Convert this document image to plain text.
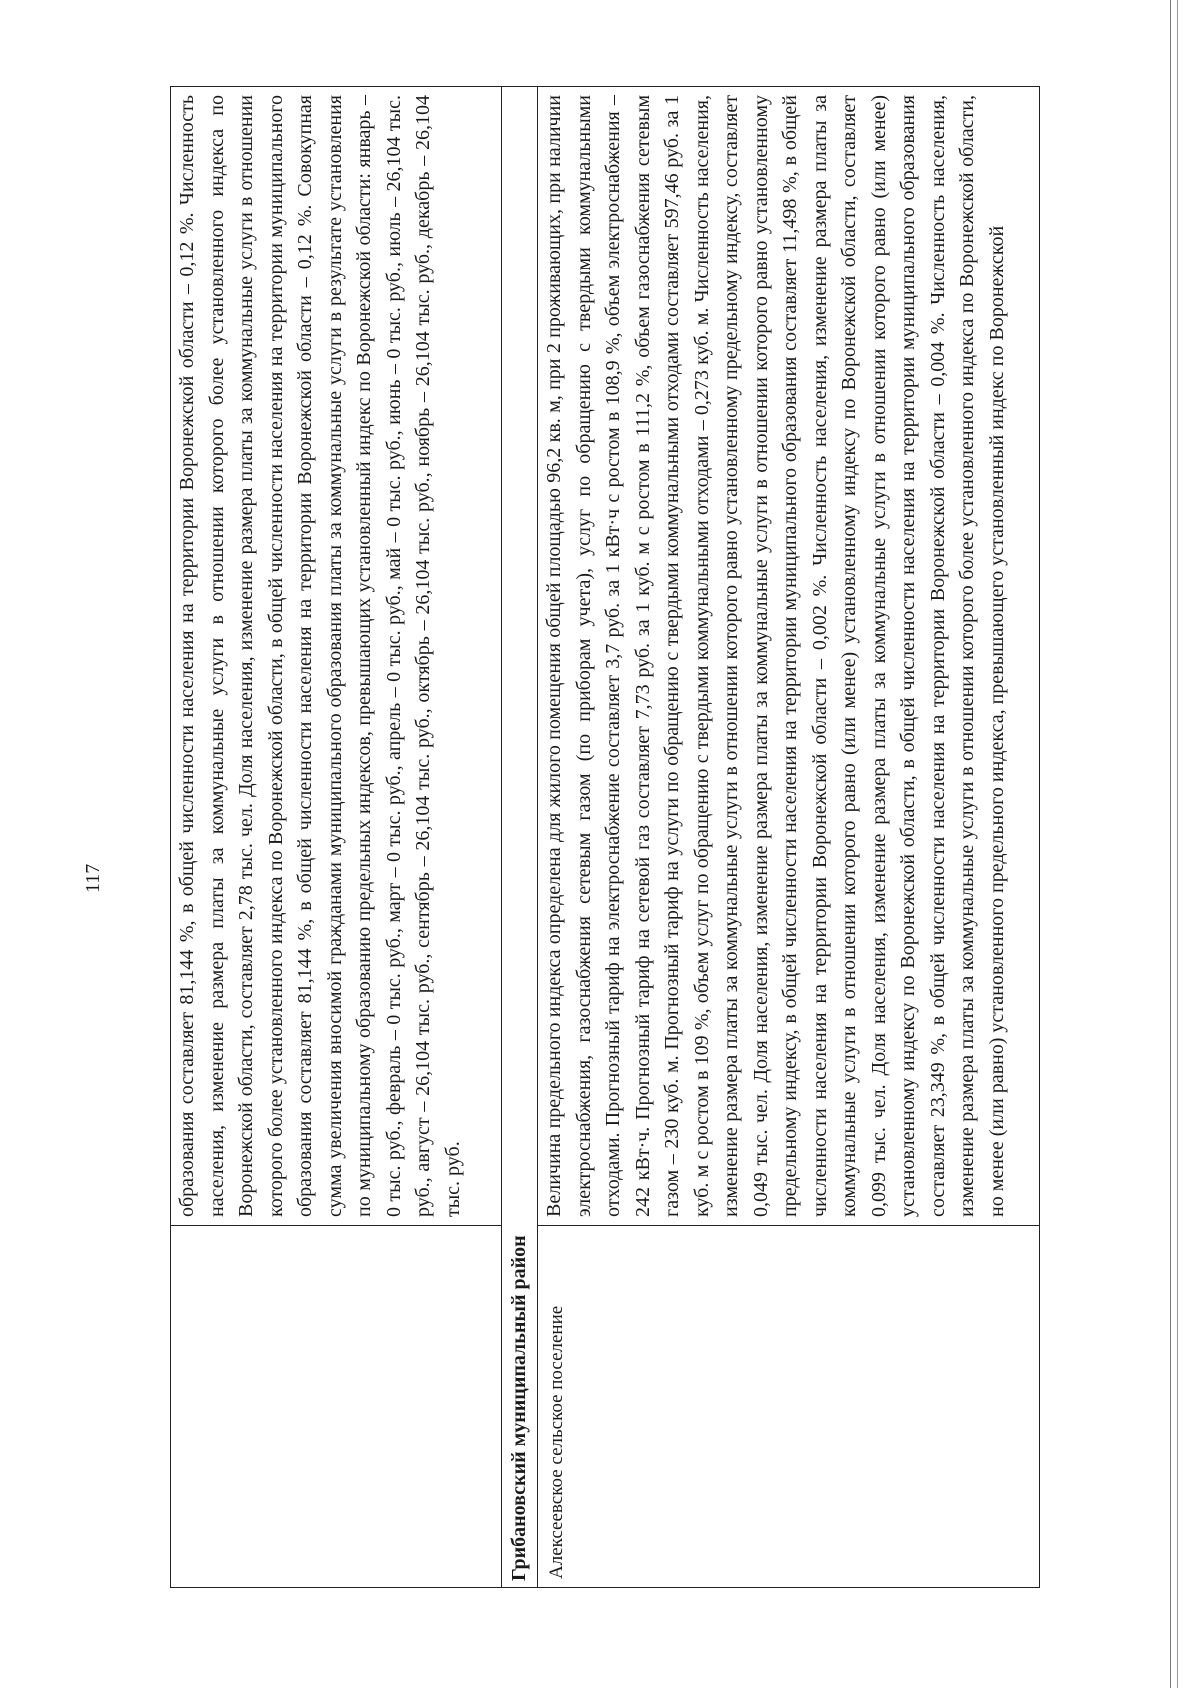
117	образования составляет 81,144 %, в общей численности населения на территории Воронежской области – 0,12 %. Численность населения, изменение размера платы за коммунальные услуги в отношении которого более установленного индекса по Воронежской области, составляет 2,78 тыс. чел. Доля населения, изменение размера платы за коммунальные услуги в отношении которого более установленного индекса по Воронежской области, в общей численности населения на территории муниципального образования составляет 81,144 %, в общей численности населения на территории Воронежской области – 0,12 %. Совокупная сумма увеличения вносимой гражданами муниципального образования платы за коммунальные услуги в результате установления по муниципальному образованию предельных индексов, превышающих установленный индекс по Воронежской области: январь – 0 тыс. руб., февраль – 0 тыс. руб., март – 0 тыс. руб., апрель – 0 тыс. руб., май – 0 тыс. руб., июнь – 0 тыс. руб., июль – 26,104 тыс. руб., август – 26,104 тыс. руб., сентябрь – 26,104 тыс. руб., октябрь – 26,104 тыс. руб., ноябрь – 26,104 тыс. руб., декабрь – 26,104 тыс. руб.
Грибановский муниципальный район Алексеевское сельское поселение
Величина предельного индекса определена для жилого помещения общей площадью 96,2 кв. м, при 2 проживающих, при наличии электроснабжения, газоснабжения сетевым газом (по приборам учета), услуг по обращению с твердыми коммунальными отходами. Прогнозный тариф на электроснабжение составляет 3,7 руб. за 1 кВт·ч с ростом в 108,9 %, объем электроснабжения – 242 кВт·ч. Прогнозный тариф на сетевой газ составляет 7,73 руб. за 1 куб. м с ростом в 111,2 %, объем газоснабжения сетевым газом – 230 куб. м. Прогнозный тариф на услуги по обращению с твердыми коммунальными отходами составляет 597,46 руб. за 1 куб. м с ростом в 109 %, объем услуг по обращению с твердыми коммунальными отходами – 0,273 куб. м. Численность населения, изменение размера платы за коммунальные услуги в отношении которого равно установленному предельному индексу, составляет 0,049 тыс. чел. Доля населения, изменение размера платы за коммунальные услуги в отношении которого равно установленному предельному индексу, в общей численности населения на территории муниципального образования составляет 11,498 %, в общей численности населения на территории Воронежской области – 0,002 %. Численность населения, изменение размера платы за коммунальные услуги в отношении которого равно (или менее) установленному индексу по Воронежской области, составляет 0,099 тыс. чел. Доля населения, изменение размера платы за коммунальные услуги в отношении которого равно (или менее) установленному индексу по Воронежской области, в общей численности населения на территории муниципального образования составляет 23,349 %, в общей численности населения на территории Воронежской области – 0,004 %. Численность населения, изменение размера платы за коммунальные услуги в отношении которого более установленного индекса по Воронежской области, но менее (или равно) установленного предельного индекса, превышающего установленный индекс по Воронежской
